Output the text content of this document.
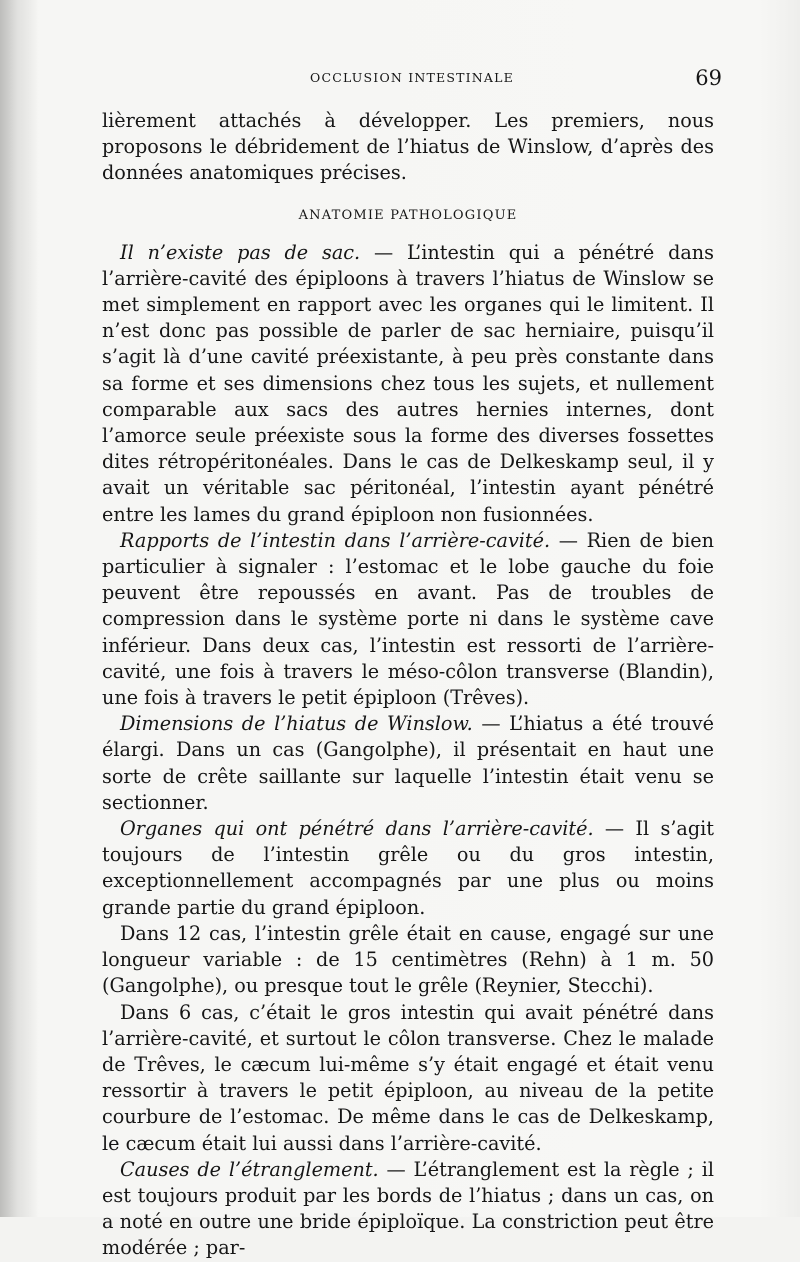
OCCLUSION INTESTINALE	69

lièrement attachés à développer. Les premiers, nous proposons le débridement de l’hiatus de Winslow, d’après des données anatomiques précises.

ANATOMIE PATHOLOGIQUE

Il n’existe pas de sac. — L’intestin qui a pénétré dans l’arrière-cavité des épiploons à travers l’hiatus de Winslow se met simplement en rapport avec les organes qui le limitent. Il n’est donc pas possible de parler de sac herniaire, puisqu’il s’agit là d’une cavité préexistante, à peu près constante dans sa forme et ses dimensions chez tous les sujets, et nullement comparable aux sacs des autres hernies internes, dont l’amorce seule préexiste sous la forme des diverses fossettes dites rétropéritonéales. Dans le cas de Delkeskamp seul, il y avait un véritable sac péritonéal, l’intestin ayant pénétré entre les lames du grand épiploon non fusionnées.

Rapports de l’intestin dans l’arrière-cavité. — Rien de bien particulier à signaler : l’estomac et le lobe gauche du foie peuvent être repoussés en avant. Pas de troubles de compression dans le système porte ni dans le système cave inférieur. Dans deux cas, l’intestin est ressorti de l’arrière-cavité, une fois à travers le méso-côlon transverse (Blandin), une fois à travers le petit épiploon (Trêves).

Dimensions de l’hiatus de Winslow. — L’hiatus a été trouvé élargi. Dans un cas (Gangolphe), il présentait en haut une sorte de crête saillante sur laquelle l’intestin était venu se sectionner.

Organes qui ont pénétré dans l’arrière-cavité. — Il s’agit toujours de l’intestin grêle ou du gros intestin, exceptionnellement accompagnés par une plus ou moins grande partie du grand épiploon.

Dans 12 cas, l’intestin grêle était en cause, engagé sur une longueur variable : de 15 centimètres (Rehn) à 1 m. 50 (Gangolphe), ou presque tout le grêle (Reynier, Stecchi).

Dans 6 cas, c’était le gros intestin qui avait pénétré dans l’arrière-cavité, et surtout le côlon transverse. Chez le malade de Trêves, le cæcum lui-même s’y était engagé et était venu ressortir à travers le petit épiploon, au niveau de la petite courbure de l’estomac. De même dans le cas de Delkeskamp, le cæcum était lui aussi dans l’arrière-cavité.

Causes de l’étranglement. — L’étranglement est la règle ; il est toujours produit par les bords de l’hiatus ; dans un cas, on a noté en outre une bride épiploïque. La constriction peut être modérée ; par-
